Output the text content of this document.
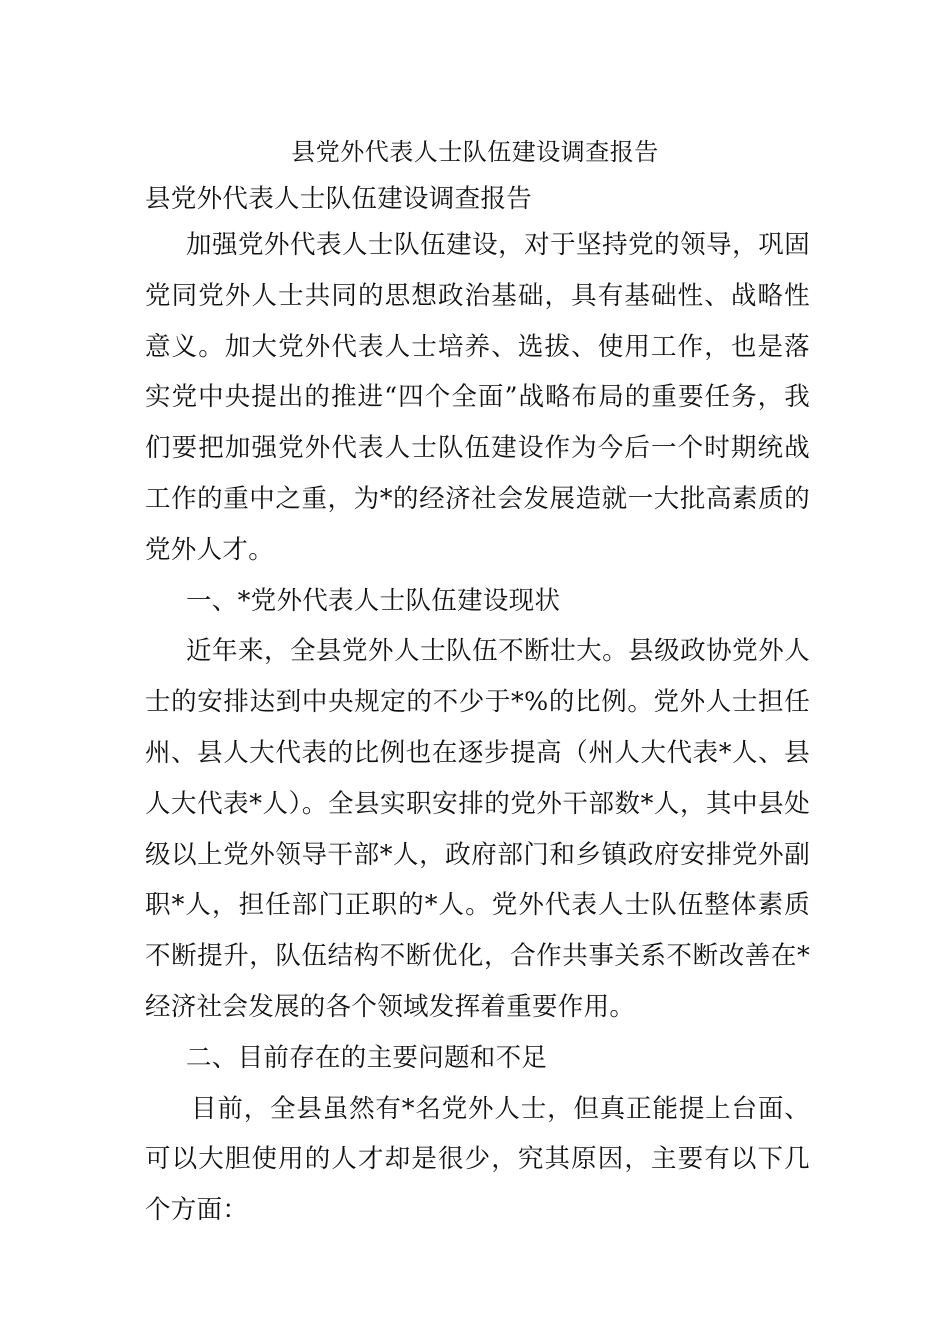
县党外代表人士队伍建设调查报告

县党外代表人士队伍建设调查报告

加强党外代表人士队伍建设，对于坚持党的领导，巩固党同党外人士共同的思想政治基础，具有基础性、战略性意义。加大党外代表人士培养、选拔、使用工作，也是落实党中央提出的推进“四个全面”战略布局的重要任务，我们要把加强党外代表人士队伍建设作为今后一个时期统战工作的重中之重，为*的经济社会发展造就一大批高素质的党外人才。

一、*党外代表人士队伍建设现状

近年来，全县党外人士队伍不断壮大。县级政协党外人士的安排达到中央规定的不少于*%的比例。党外人士担任州、县人大代表的比例也在逐步提高（州人大代表*人、县人大代表*人）。全县实职安排的党外干部数*人，其中县处级以上党外领导干部*人，政府部门和乡镇政府安排党外副职*人，担任部门正职的*人。党外代表人士队伍整体素质不断提升，队伍结构不断优化，合作共事关系不断改善在*经济社会发展的各个领域发挥着重要作用。

二、目前存在的主要问题和不足

目前，全县虽然有*名党外人士，但真正能提上台面、可以大胆使用的人才却是很少，究其原因，主要有以下几个方面：
